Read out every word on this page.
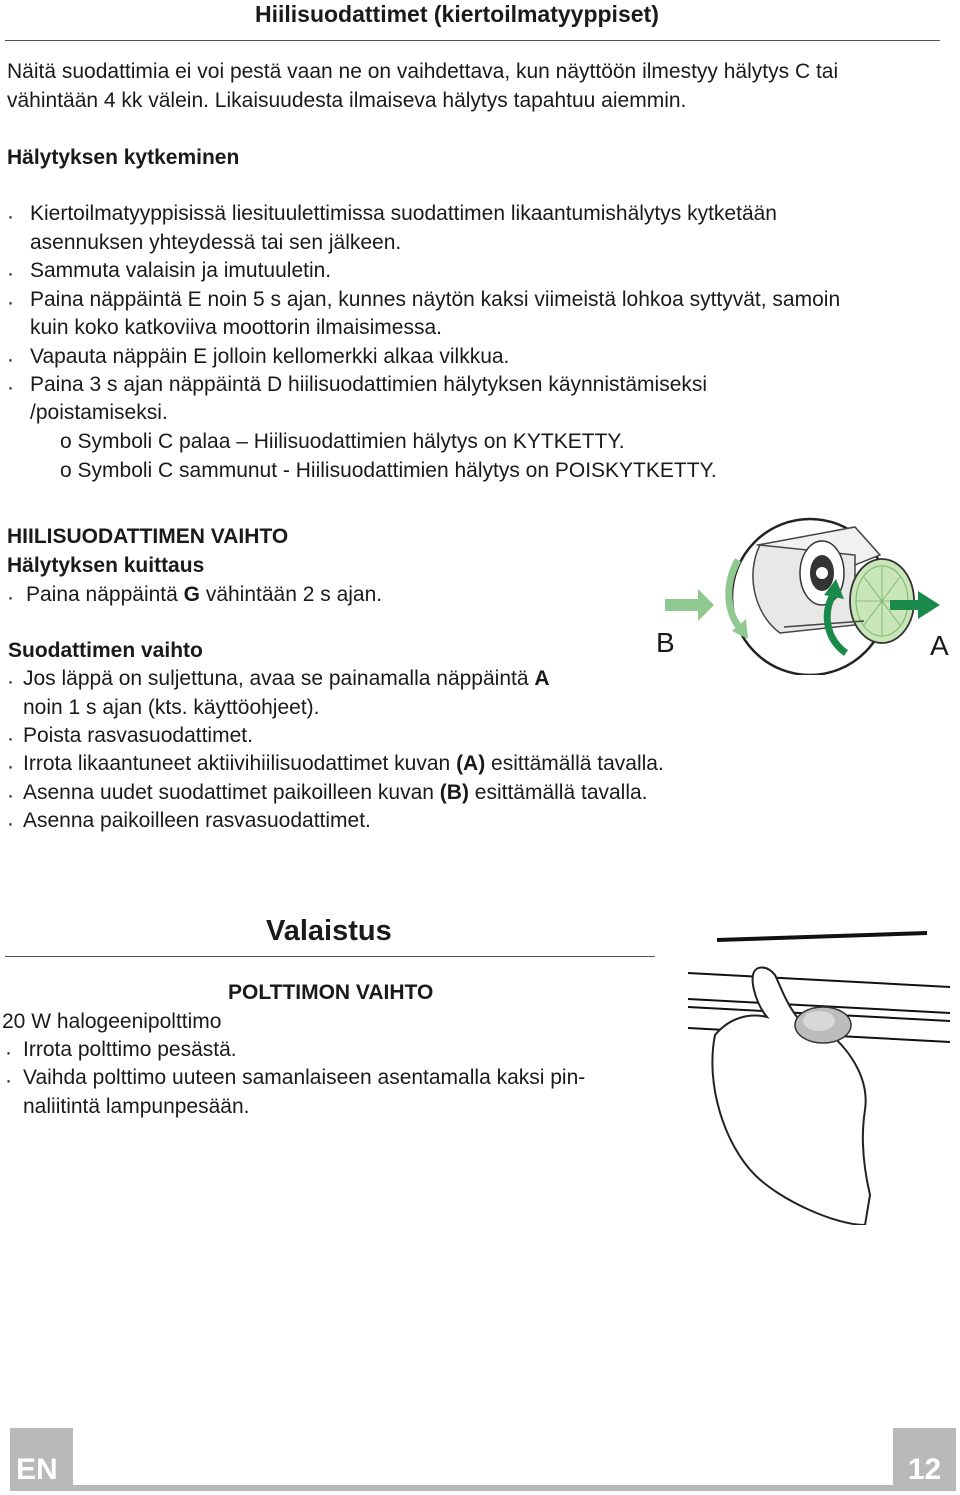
Hiilisuodattimet (kiertoilmatyyppiset)
Näitä suodattimia ei voi pestä vaan ne on vaihdettava, kun näyttöön ilmestyy hälytys C tai
vähintään 4 kk välein. Likaisuudesta ilmaiseva hälytys tapahtuu aiemmin.
Hälytyksen kytkeminen
· Kiertoilmatyyppisissä liesituulettimissa suodattimen likaantumishälytys kytketään
asennuksen yhteydessä tai sen jälkeen.
· Sammuta valaisin ja imutuuletin.
· Paina näppäintä E noin 5 s ajan, kunnes näytön kaksi viimeistä lohkoa syttyvät, samoin
kuin koko katkoviiva moottorin ilmaisimessa.
· Vapauta näppäin E jolloin kellomerkki alkaa vilkkua.
· Paina 3 s ajan näppäintä D hiilisuodattimien hälytyksen käynnistämiseksi
/poistamiseksi.
o Symboli C palaa – Hiilisuodattimien hälytys on KYTKETTY.
o Symboli C sammunut - Hiilisuodattimien hälytys on POISKYTKETTY.
HIILISUODATTIMEN VAIHTO
Hälytyksen kuittaus
· Paina näppäintä G vähintään 2 s ajan.
Suodattimen vaihto
· Jos läppä on suljettuna, avaa se painamalla näppäintä A
noin 1 s ajan (kts. käyttöohjeet).
· Poista rasvasuodattimet.
· Irrota likaantuneet aktiivihiilisuodattimet kuvan (A) esittämällä tavalla.
· Asenna uudet suodattimet paikoilleen kuvan (B) esittämällä tavalla.
· Asenna paikoilleen rasvasuodattimet.
B	A
Valaistus
POLTTIMON VAIHTO
20 W halogeenipolttimo
· Irrota polttimo pesästä.
· Vaihda polttimo uuteen samanlaiseen asentamalla kaksi pin-
naliitintä lampunpesään.
EN	12
